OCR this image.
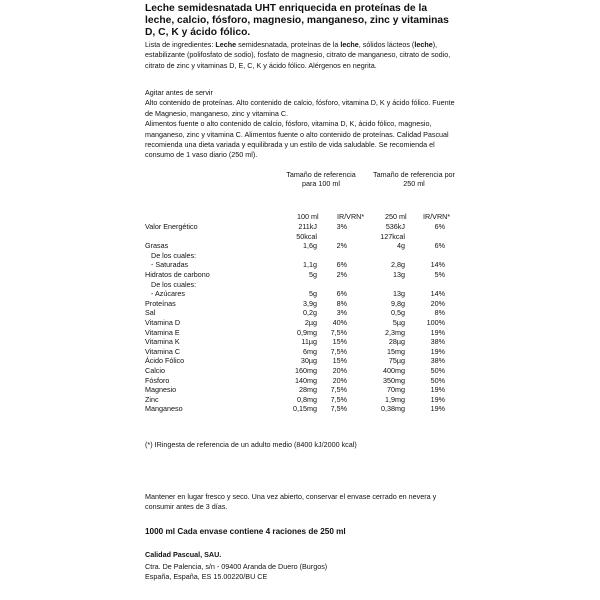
Leche semidesnatada UHT enriquecida en proteínas de la leche, calcio, fósforo, magnesio, manganeso, zinc y vitaminas D, C, K y ácido fólico.
Lista de ingredientes: Leche semidesnatada, proteínas de la leche, sólidos lácteos (leche), estabilizante (polifosfato de sodio), fosfato de magnesio, citrato de manganeso, citrato de sodio, citrato de zinc y vitaminas D, E, C, K y ácido fólico. Alérgenos en negrita.
Agitar antes de servir
Alto contenido de proteínas. Alto contenido de calcio, fósforo, vitamina D, K y ácido fólico. Fuente de Magnesio, manganeso, zinc y vitamina C.
Alimentos fuente o alto contenido de calcio, fósforo, vitamina D, K, ácido fólico, magnesio, manganeso, zinc y vitamina C. Alimentos fuente o alto contenido de proteínas. Calidad Pascual recomienda una dieta variada y equilibrada y un estilo de vida saludable. Se recomienda el consumo de 1 vaso diario (250 ml).
Tamaño de referencia para 100 ml
Tamaño de referencia por 250 ml
100 ml	IR/VRN*	250 ml IR/VRN*
Valor Energético	211kJ	3%	536kJ	6%
50kcal	127kcal
Grasas	1,6g	2%	4g	6%
De los cuales:
- Saturadas	1,1g	6%	2,8g	14%
Hidratos de carbono	5g	2%	13g	5%
De los cuales:
- Azúcares	5g	6%	13g	14%
Proteínas	3,9g	8%	9,8g	20%
Sal	0,2g	3%	0,5g	8%
Vitamina D	2µg 40%	5µg	100%
Vitamina E	0,9mg 7,5%	2,3mg	19%
Vitamina K	11µg 15%	28µg	38%
Vitamina C	6mg 7,5%	15mg	19%
Ácido Fólico	30µg 15%	75µg	38%
Calcio	160mg 20%	400mg	50%
Fósforo	140mg 20%	350mg	50%
Magnesio	28mg 7,5%	70mg	19%
Zinc	0,8mg 7,5%	1,9mg	19%
Manganeso	0,15mg 7,5%	0,38mg	19%
(*) IRingesta de referencia de un adulto medio (8400 kJ/2000 kcal)
Mantener en lugar fresco y seco. Una vez abierto, conservar el envase cerrado en nevera y consumir antes de 3 días.
1000 ml Cada envase contiene 4 raciones de 250 ml
Calidad Pascual, SAU.
Ctra. De Palencia, s/n - 09400 Aranda de Duero (Burgos)
España, España, ES 15.00220/BU CE
